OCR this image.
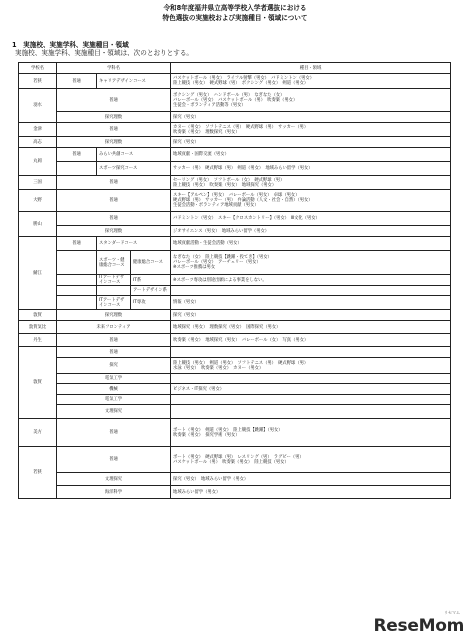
令和8年度福井県立高等学校入学者選抜における
特色選抜の実施校および実施種目・領域について
1　実施校、実施学科、実施種目・領域
実施校、実施学科、実施種目・領域は、次のとおりとする。
学校名	学科名			種目・領域
若狭	普通	キャリアデザインコース		バスケットボール（男女）　ライフル射撃（男女）　バドミントン（男女）
陸上競技（男女）　硬式野球（男）　ボクシング（男女）　剣道（男女）
羽水	普通			ボクシング（男女）　ハンドボール（男）　なぎなた（女）
バレーボール（男女）　バスケットボール（男）　吹奏楽（男女）
生徒会・ボランティア活動等（男女）
	探究理数			探究（男女）
金津	普通			カヌー（男女）　ソフトテニス（男）　硬式野球（男）　サッカー（男）
吹奏楽（男女）　理数探究（男女）
高志	探究理数			探究（男女）
丸岡	普通	みらい共創コース		地域貢献・国際交流（男女）
		スポーツ探究コース		サッカー（男）　硬式野球（男）　剣道（男女）　地域みらい留学（男女）
三国	普通			セーリング（男女）　ソフトボール（女）　硬式野球（男）
陸上競技（男女）　吹奏楽（男女）　地域探究（男女）
大野	普通			スキー【アルペン】（男女）　バレーボール（男女）　卓球（男女）
硬式野球（男）　サッカー（男）　弁論活動（人文・社会・自然）（男女）
生徒会活動・ボランティア地域貢献（男女）
勝山	普通			バドミントン（男女）　スキー【クロスカントリー】（男女）　Ⅲ文化（男女）
	探究理数			ジオサイエンス（男女）　地域みらい留学（男女）
鯖江	普通	スタンダードコース		地域貢献活動・生徒会活動（男女）
		スポーツ・健康総合コース	健康総合コース	なぎなた（女）　陸上競技【跳躍・投てき】（男女）
バレーボール（男女）　アーチェリー（男女）
※スポーツ推薦は男女
		ITアートデザインコース	IT系	※スポーツ専攻は別途出願による事業をしない。
			アートデザイン系	
		ITアートデザインコース	IT専攻	情報（男女）
敦賀	探究理数			探究（男女）
敦賀気比	未来フロンティア			地域探究（男女）　理数探究（男女）　国際探究（男女）
丹生	普通			吹奏楽（男女）　地域探究（男女）　バレーボール（女）　写真（男女）
敦賀	普通			
	探究			陸上競技（男女）　剣道（男女）　ソフトテニス（男）　硬式野球（男）
水泳（男女）　吹奏楽（男女）　カヌー（男女）
	電気工学			
	機械			ビジネス・IT探究（男女）
	電気工学			
	文理探究			
美方	普通			ボート（男女）　剣道（男女）　陸上競技【跳躍】（男女）
吹奏楽（男女）　探究学術（男女）
若狭	普通			ボート（男女）　硬式野球（男）　レスリング（男）　ラグビー（男）
バスケットボール（男）　吹奏楽（男女）　陸上競技（男女）
	文理探究			探究（男女）　地域みらい留学（男女）
	海洋科学			地域みらい留学（男女）
リセマム
ReseMom
